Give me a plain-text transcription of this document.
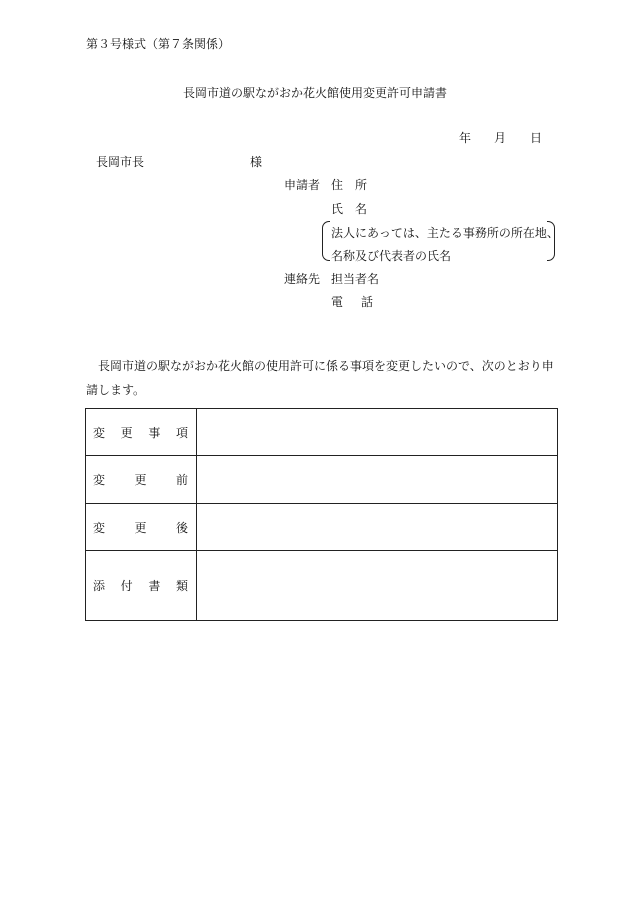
第３号様式（第７条関係）
長岡市道の駅ながおか花火館使用変更許可申請書
年 月 日
長岡市長	様
申請者 住所
氏名
法人にあっては、主たる事務所の所在地、
名称及び代表者の氏名
連絡先 担当者名
電話

長岡市道の駅ながおか花火館の使用許可に係る事項を変更したいので、次のとおり申請します。

変 更 事 項	

変 更 前	

変 更 後	

添 付 書 類	
